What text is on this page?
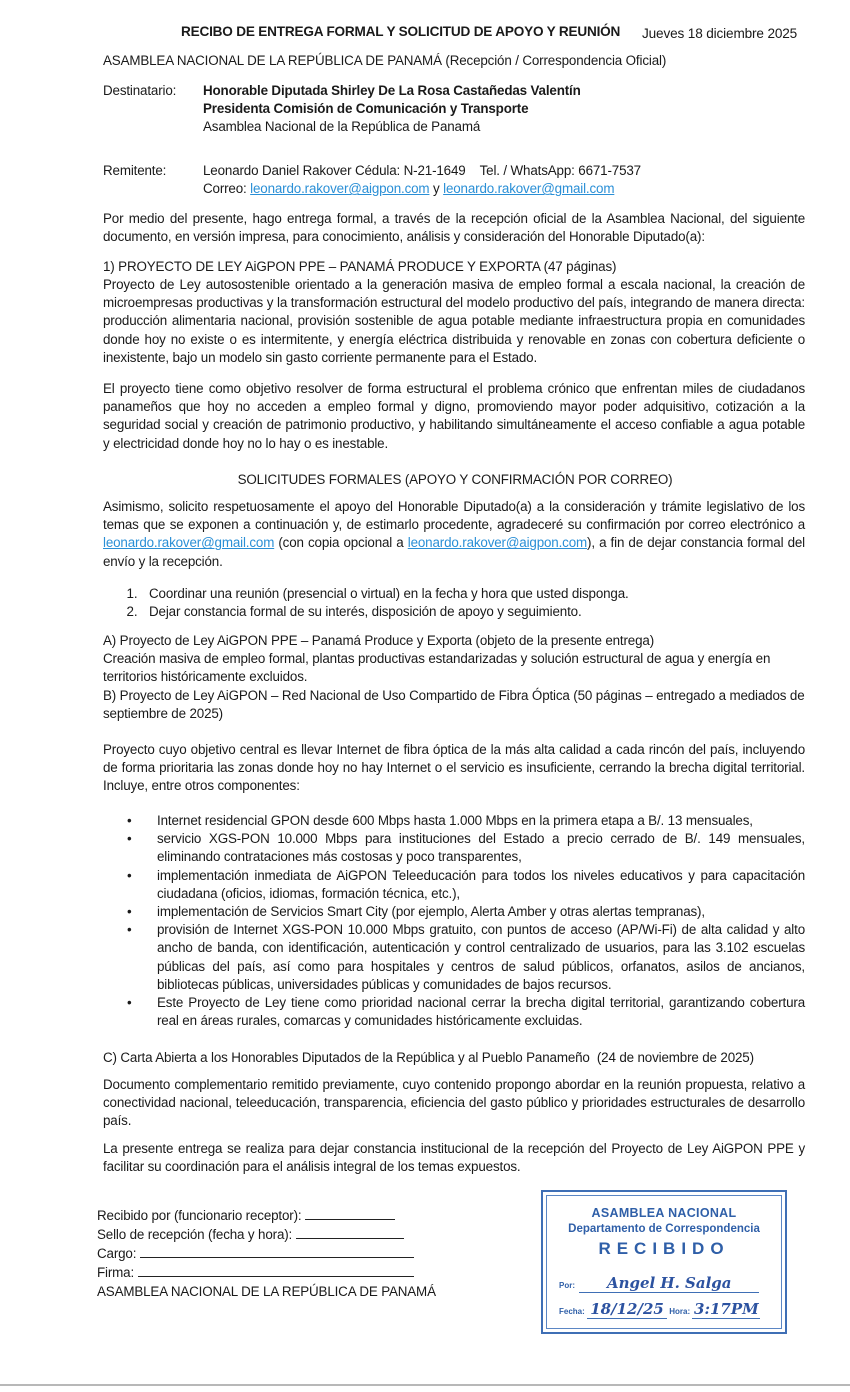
RECIBO DE ENTREGA FORMAL Y SOLICITUD DE APOYO Y REUNIÓN Jueves 18 diciembre 2025
ASAMBLEA NACIONAL DE LA REPÚBLICA DE PANAMÁ (Recepción / Correspondencia Oficial)
Destinatario:	Honorable Diputada Shirley De La Rosa Castañedas Valentín
Presidenta Comisión de Comunicación y Transporte
Asamblea Nacional de la República de Panamá
Remitente:	Leonardo Daniel Rakover Cédula: N-21-1649    Tel. / WhatsApp: 6671-7537
Correo: leonardo.rakover@aigpon.com y leonardo.rakover@gmail.com
Por medio del presente, hago entrega formal, a través de la recepción oficial de la Asamblea Nacional, del siguiente documento, en versión impresa, para conocimiento, análisis y consideración del Honorable Diputado(a):
1) PROYECTO DE LEY AiGPON PPE – PANAMÁ PRODUCE Y EXPORTA (47 páginas)
Proyecto de Ley autosostenible orientado a la generación masiva de empleo formal a escala nacional, la creación de microempresas productivas y la transformación estructural del modelo productivo del país, integrando de manera directa: producción alimentaria nacional, provisión sostenible de agua potable mediante infraestructura propia en comunidades donde hoy no existe o es intermitente, y energía eléctrica distribuida y renovable en zonas con cobertura deficiente o inexistente, bajo un modelo sin gasto corriente permanente para el Estado.
El proyecto tiene como objetivo resolver de forma estructural el problema crónico que enfrentan miles de ciudadanos panameños que hoy no acceden a empleo formal y digno, promoviendo mayor poder adquisitivo, cotización a la seguridad social y creación de patrimonio productivo, y habilitando simultáneamente el acceso confiable a agua potable y electricidad donde hoy no lo hay o es inestable.
SOLICITUDES FORMALES (APOYO Y CONFIRMACIÓN POR CORREO)
Asimismo, solicito respetuosamente el apoyo del Honorable Diputado(a) a la consideración y trámite legislativo de los temas que se exponen a continuación y, de estimarlo procedente, agradeceré su confirmación por correo electrónico a leonardo.rakover@gmail.com (con copia opcional a leonardo.rakover@aigpon.com), a fin de dejar constancia formal del envío y la recepción.
1. Coordinar una reunión (presencial o virtual) en la fecha y hora que usted disponga.
2. Dejar constancia formal de su interés, disposición de apoyo y seguimiento.
A) Proyecto de Ley AiGPON PPE – Panamá Produce y Exporta (objeto de la presente entrega)
Creación masiva de empleo formal, plantas productivas estandarizadas y solución estructural de agua y energía en territorios históricamente excluidos.
B) Proyecto de Ley AiGPON – Red Nacional de Uso Compartido de Fibra Óptica (50 páginas – entregado a mediados de septiembre de 2025)
Proyecto cuyo objetivo central es llevar Internet de fibra óptica de la más alta calidad a cada rincón del país, incluyendo de forma prioritaria las zonas donde hoy no hay Internet o el servicio es insuficiente, cerrando la brecha digital territorial. Incluye, entre otros componentes:
• Internet residencial GPON desde 600 Mbps hasta 1.000 Mbps en la primera etapa a B/. 13 mensuales,
• servicio XGS-PON 10.000 Mbps para instituciones del Estado a precio cerrado de B/. 149 mensuales, eliminando contrataciones más costosas y poco transparentes,
• implementación inmediata de AiGPON Teleeducación para todos los niveles educativos y para capacitación ciudadana (oficios, idiomas, formación técnica, etc.),
• implementación de Servicios Smart City (por ejemplo, Alerta Amber y otras alertas tempranas),
• provisión de Internet XGS-PON 10.000 Mbps gratuito, con puntos de acceso (AP/Wi-Fi) de alta calidad y alto ancho de banda, con identificación, autenticación y control centralizado de usuarios, para las 3.102 escuelas públicas del país, así como para hospitales y centros de salud públicos, orfanatos, asilos de ancianos, bibliotecas públicas, universidades públicas y comunidades de bajos recursos.
• Este Proyecto de Ley tiene como prioridad nacional cerrar la brecha digital territorial, garantizando cobertura real en áreas rurales, comarcas y comunidades históricamente excluidas.
C) Carta Abierta a los Honorables Diputados de la República y al Pueblo Panameño  (24 de noviembre de 2025)
Documento complementario remitido previamente, cuyo contenido propongo abordar en la reunión propuesta, relativo a conectividad nacional, teleeducación, transparencia, eficiencia del gasto público y prioridades estructurales de desarrollo país.
La presente entrega se realiza para dejar constancia institucional de la recepción del Proyecto de Ley AiGPON PPE y facilitar su coordinación para el análisis integral de los temas expuestos.
Recibido por (funcionario receptor):
Sello de recepción (fecha y hora):
Cargo:
Firma:
ASAMBLEA NACIONAL DE LA REPÚBLICA DE PANAMÁ
ASAMBLEA NACIONAL
Departamento de Correspondencia
RECIBIDO
Por: Angel H. Salga
Fecha: 18/12/25 Hora: 3:17PM
